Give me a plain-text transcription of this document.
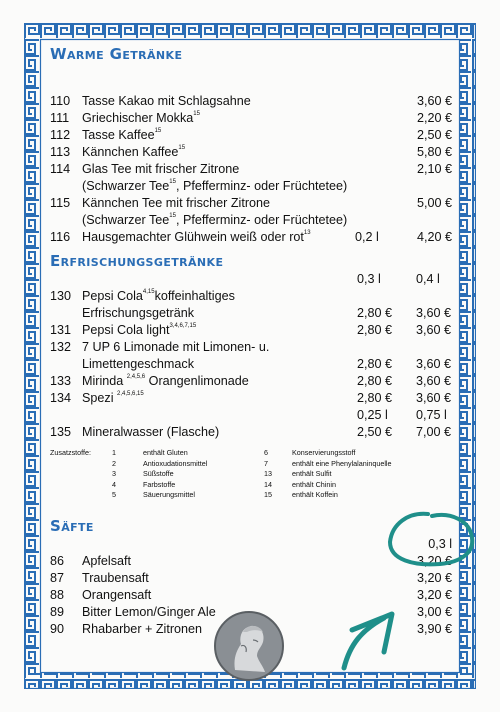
Warme Getränke
110 Tasse Kakao mit Schlagsahne	3,60 €
111	Griechischer Mokka$^{15}$	2,20 €
112 Tasse Kaffee$^{15}$	2,50 €
113 Kännchen Kaffee$^{15}$	5,80 €
114 Glas Tee mit frischer Zitrone	2,10 €
(Schwarzer Tee$^{15}$, Pfefferminz- oder Früchtetee)
115 Kännchen Tee mit frischer Zitrone	5,00 €
(Schwarzer Tee$^{15}$, Pfefferminz- oder Früchtetee)
116 Hausgemachter Glühwein weiß oder rot$^{13}$	0,2 l	4,20 €
Erfrischungsgetränke
0,3 l	0,4 l
130 Pepsi Cola$^{4,15}$koffeinhaltiges
Erfrischungsgetränk	2,80 € 3,60 €
131 Pepsi Cola light$^{3,4,6,7,15}$	2,80 € 3,60 €
132 7 UP 6 Limonade mit Limonen- u.
Limettengeschmack	2,80 € 3,60 €
133 Mirinda $^{2,4,5,6}$ Orangenlimonade	2,80 € 3,60 €
134 Spezi $^{2,4,5,6,15}$	2,80 € 3,60 €
0,25 l 0,75 l
135 Mineralwasser (Flasche)	2,50 € 7,00 €
Zusatzstoffe:	1	enthält Gluten
2	Antioxudationsmittel
3	Süßstoffe
4	Farbstoffe
5	Säuerungsmittel
6	Konservierungsstoff
7	enthält eine Phenylalaninquelle
13	enthält Sulfit
14	enthält Chinin
15	enthält Koffein
Säfte
0,3 l
86	Apfelsaft	3,20 €
87	Traubensaft	3,20 €
88	Orangensaft	3,20 €
89	Bitter Lemon/Ginger Ale	3,00 €
90	Rhabarber + Zitronen	3,90 €
